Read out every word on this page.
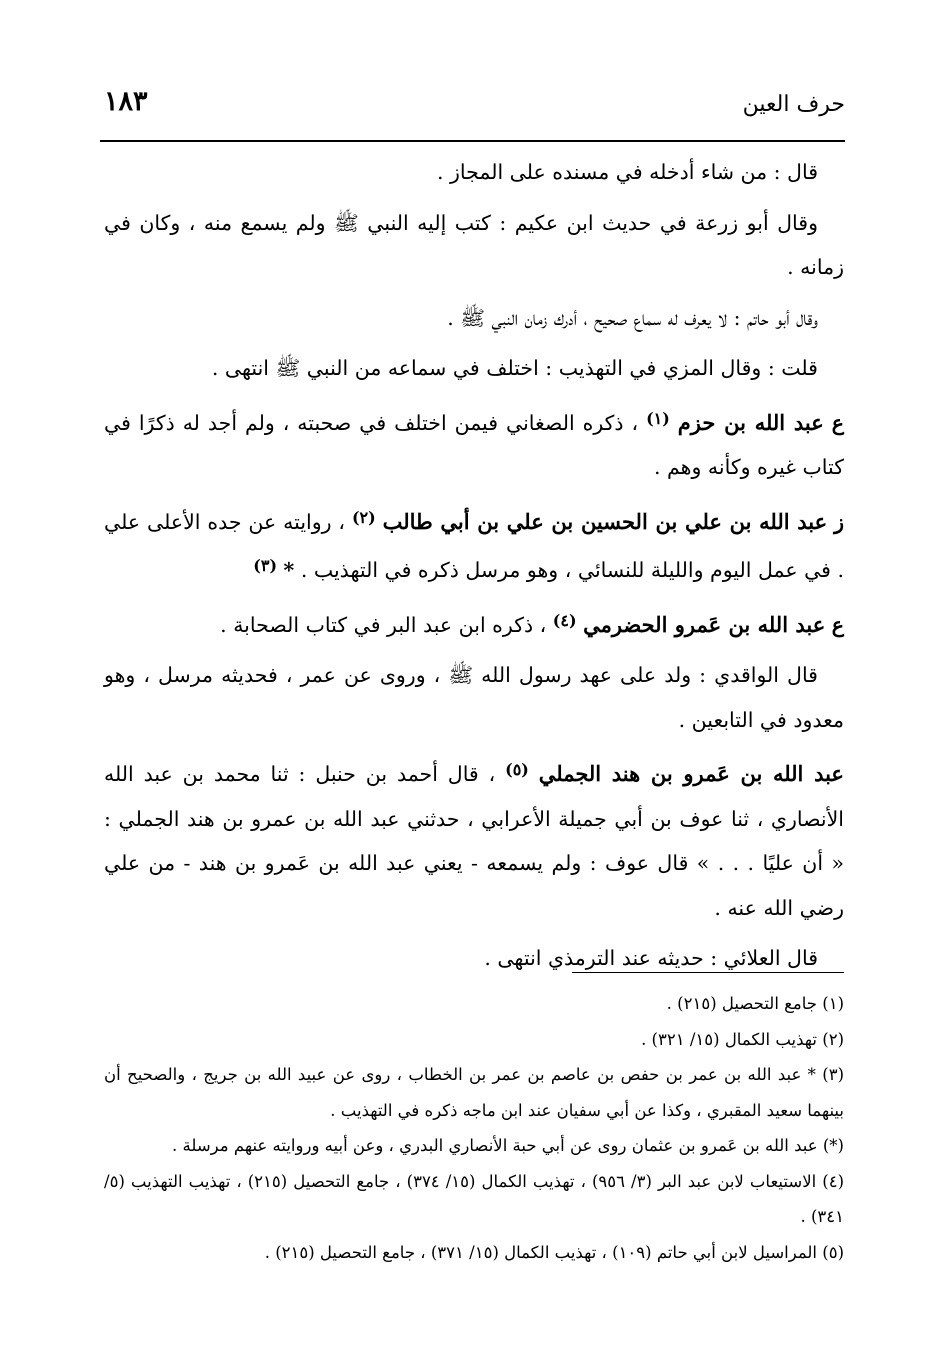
١٨٣	حرف العين

قال : من شاء أدخله في مسنده على المجاز .

وقال أبو زرعة في حديث ابن عكيم : كتب إليه النبي ﷺ ولم يسمع منه ، وكان في زمانه .

وقال أبو حاتم : لا يعرف له سماع صحيح ، أدرك زمان النبي ﷺ .

قلت : وقال المزي في التهذيب : اختلف في سماعه من النبي ﷺ انتهى .

ع عبد الله بن حزم $^{(١)}$ ، ذكره الصغاني فيمن اختلف في صحبته ، ولم أجد له ذكرًا في كتاب غيره وكأنه وهم .

ز عبد الله بن علي بن الحسين بن علي بن أبي طالب $^{(٢)}$ ، روايته عن جده الأعلى علي . في عمل اليوم والليلة للنسائي ، وهو مرسل ذكره في التهذيب . * $^{(٣)}$

ع عبد الله بن عَمرو الحضرمي $^{(٤)}$ ، ذكره ابن عبد البر في كتاب الصحابة .

قال الواقدي : ولد على عهد رسول الله ﷺ ، وروى عن عمر ، فحديثه مرسل ، وهو معدود في التابعين .

عبد الله بن عَمرو بن هند الجملي $^{(٥)}$ ، قال أحمد بن حنبل : ثنا محمد بن عبد الله الأنصاري ، ثنا عوف بن أبي جميلة الأعرابي ، حدثني عبد الله بن عمرو بن هند الجملي : « أن عليًا . . . » قال عوف : ولم يسمعه - يعني عبد الله بن عَمرو بن هند - من علي رضي الله عنه .

قال العلائي : حديثه عند الترمذي انتهى .

(١) جامع التحصيل (٢١٥) .

(٢) تهذيب الكمال (١٥/ ٣٢١) .

(٣) * عبد الله بن عمر بن حفص بن عاصم بن عمر بن الخطاب ، روى عن عبيد الله بن جريج ، والصحيح أن بينهما سعيد المقبري ، وكذا عن أبي سفيان عند ابن ماجه ذكره في التهذيب .

(*) عبد الله بن عَمرو بن عثمان روى عن أبي حبة الأنصاري البدري ، وعن أبيه وروايته عنهم مرسلة .

(٤) الاستيعاب لابن عبد البر (٣/ ٩٥٦) ، تهذيب الكمال (١٥/ ٣٧٤) ، جامع التحصيل (٢١٥) ، تهذيب التهذيب (٥/ ٣٤١) .

(٥) المراسيل لابن أبي حاتم (١٠٩) ، تهذيب الكمال (١٥/ ٣٧١) ، جامع التحصيل (٢١٥) .
